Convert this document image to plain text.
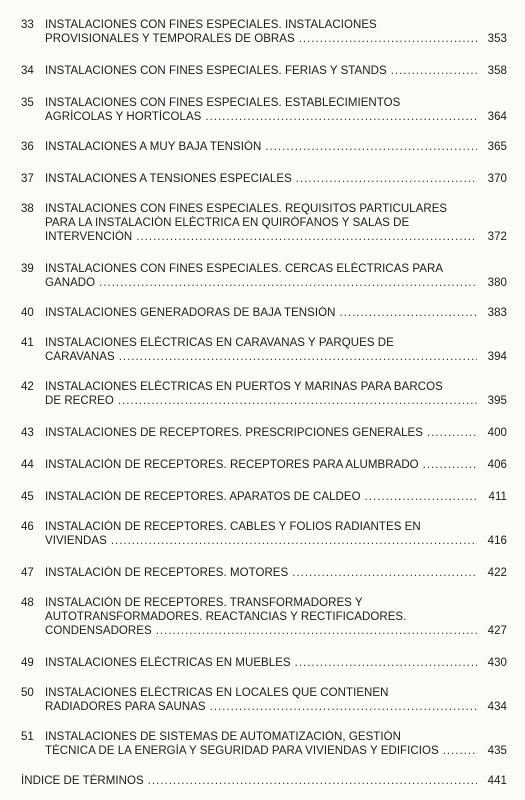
33 INSTALACIONES CON FINES ESPECIALES. INSTALACIONES
PROVISIONALES Y TEMPORALES DE OBRAS .....	353
34 INSTALACIONES CON FINES ESPECIALES. FERIAS Y STANDS .....	358
35 INSTALACIONES CON FINES ESPECIALES. ESTABLECIMIENTOS
AGRÍCOLAS Y HORTÍCOLAS .....	364
36 INSTALACIONES A MUY BAJA TENSIÓN .....	365
37 INSTALACIONES A TENSIONES ESPECIALES .....	370
38 INSTALACIONES CON FINES ESPECIALES. REQUISITOS PARTICULARES
PARA LA INSTALACIÓN ELÉCTRICA EN QUIRÓFANOS Y SALAS DE
INTERVENCIÓN .....	372
39 INSTALACIONES CON FINES ESPECIALES. CERCAS ELÉCTRICAS PARA
GANADO .....	380
40 INSTALACIONES GENERADORAS DE BAJA TENSIÓN .....	383
41 INSTALACIONES ELÉCTRICAS EN CARAVANAS Y PARQUES DE
CARAVANAS .....	394
42 INSTALACIONES ELÉCTRICAS EN PUERTOS Y MARINAS PARA BARCOS
DE RECREO .....	395
43 INSTALACIONES DE RECEPTORES. PRESCRIPCIONES GENERALES .....	400
44 INSTALACIÓN DE RECEPTORES. RECEPTORES PARA ALUMBRADO .....	406
45 INSTALACIÓN DE RECEPTORES. APARATOS DE CALDEO .....	411
46 INSTALACIÓN DE RECEPTORES. CABLES Y FOLIOS RADIANTES EN
VIVIENDAS .....	416
47 INSTALACIÓN DE RECEPTORES. MOTORES .....	422
48 INSTALACIÓN DE RECEPTORES. TRANSFORMADORES Y
AUTOTRANSFORMADORES. REACTANCIAS Y RECTIFICADORES.
CONDENSADORES .....	427
49 INSTALACIONES ELÉCTRICAS EN MUEBLES .....	430
50 INSTALACIONES ELÉCTRICAS EN LOCALES QUE CONTIENEN
RADIADORES PARA SAUNAS .....	434
51 INSTALACIONES DE SISTEMAS DE AUTOMATIZACIÓN, GESTIÓN
TÉCNICA DE LA ENERGÍA Y SEGURIDAD PARA VIVIENDAS Y EDIFICIOS .....	435
ÍNDICE DE TÉRMINOS .....	441
